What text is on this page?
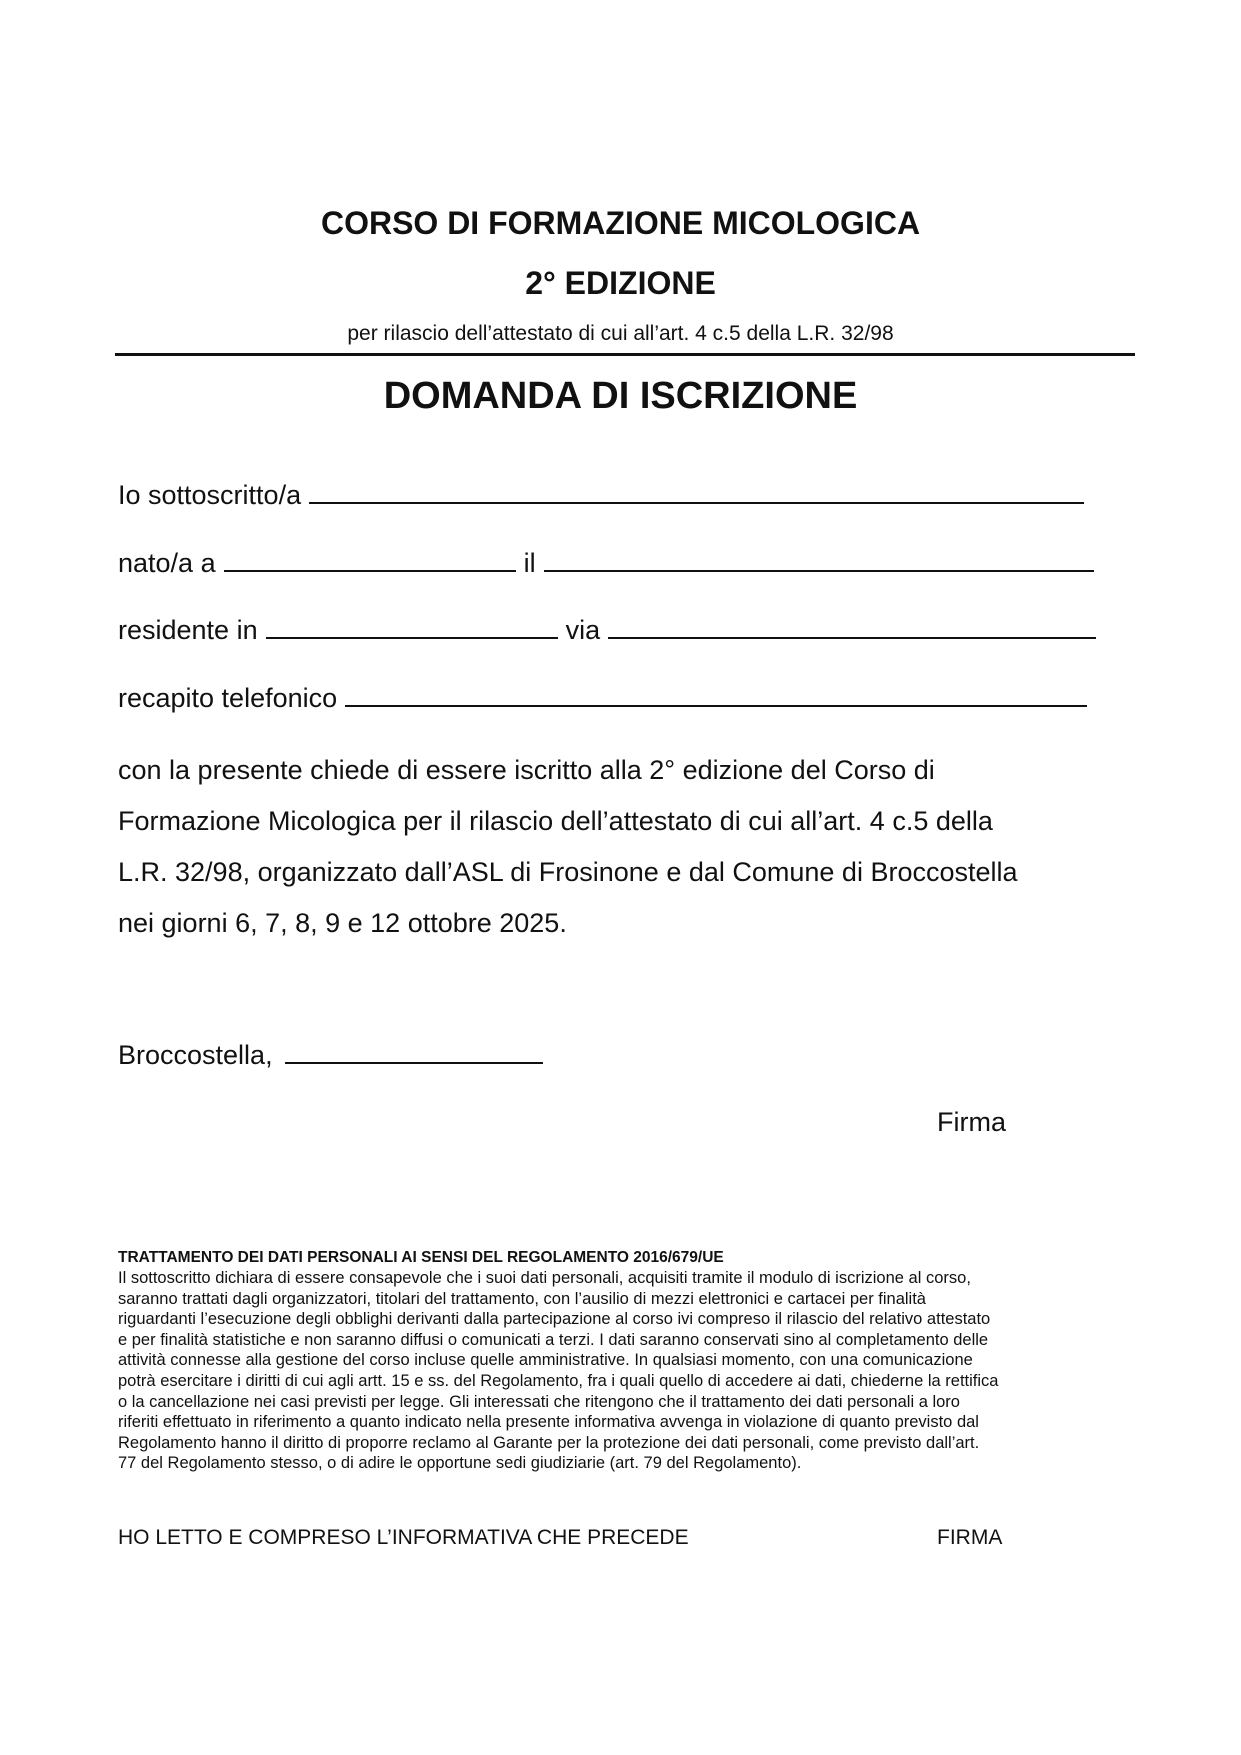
CORSO DI FORMAZIONE MICOLOGICA
2° EDIZIONE
per rilascio dell’attestato di cui all’art. 4 c.5 della L.R. 32/98
DOMANDA DI ISCRIZIONE
Io sottoscritto/a
nato/a a	il
residente in	via
recapito telefonico
con la presente chiede di essere iscritto alla 2° edizione del Corso di
Formazione Micologica per il rilascio dell’attestato di cui all’art. 4 c.5 della
L.R. 32/98, organizzato dall’ASL di Frosinone e dal Comune di Broccostella
nei giorni 6, 7, 8, 9 e 12 ottobre 2025.
Broccostella,
Firma
TRATTAMENTO DEI DATI PERSONALI AI SENSI DEL REGOLAMENTO 2016/679/UE
Il sottoscritto dichiara di essere consapevole che i suoi dati personali, acquisiti tramite il modulo di iscrizione al corso,
saranno trattati dagli organizzatori, titolari del trattamento, con l’ausilio di mezzi elettronici e cartacei per finalità
riguardanti l’esecuzione degli obblighi derivanti dalla partecipazione al corso ivi compreso il rilascio del relativo attestato
e per finalità statistiche e non saranno diffusi o comunicati a terzi. I dati saranno conservati sino al completamento delle
attività connesse alla gestione del corso incluse quelle amministrative. In qualsiasi momento, con una comunicazione
potrà esercitare i diritti di cui agli artt. 15 e ss. del Regolamento, fra i quali quello di accedere ai dati, chiederne la rettifica
o la cancellazione nei casi previsti per legge. Gli interessati che ritengono che il trattamento dei dati personali a loro
riferiti effettuato in riferimento a quanto indicato nella presente informativa avvenga in violazione di quanto previsto dal
Regolamento hanno il diritto di proporre reclamo al Garante per la protezione dei dati personali, come previsto dall’art.
77 del Regolamento stesso, o di adire le opportune sedi giudiziarie (art. 79 del Regolamento).
HO LETTO E COMPRESO L’INFORMATIVA CHE PRECEDE	FIRMA
